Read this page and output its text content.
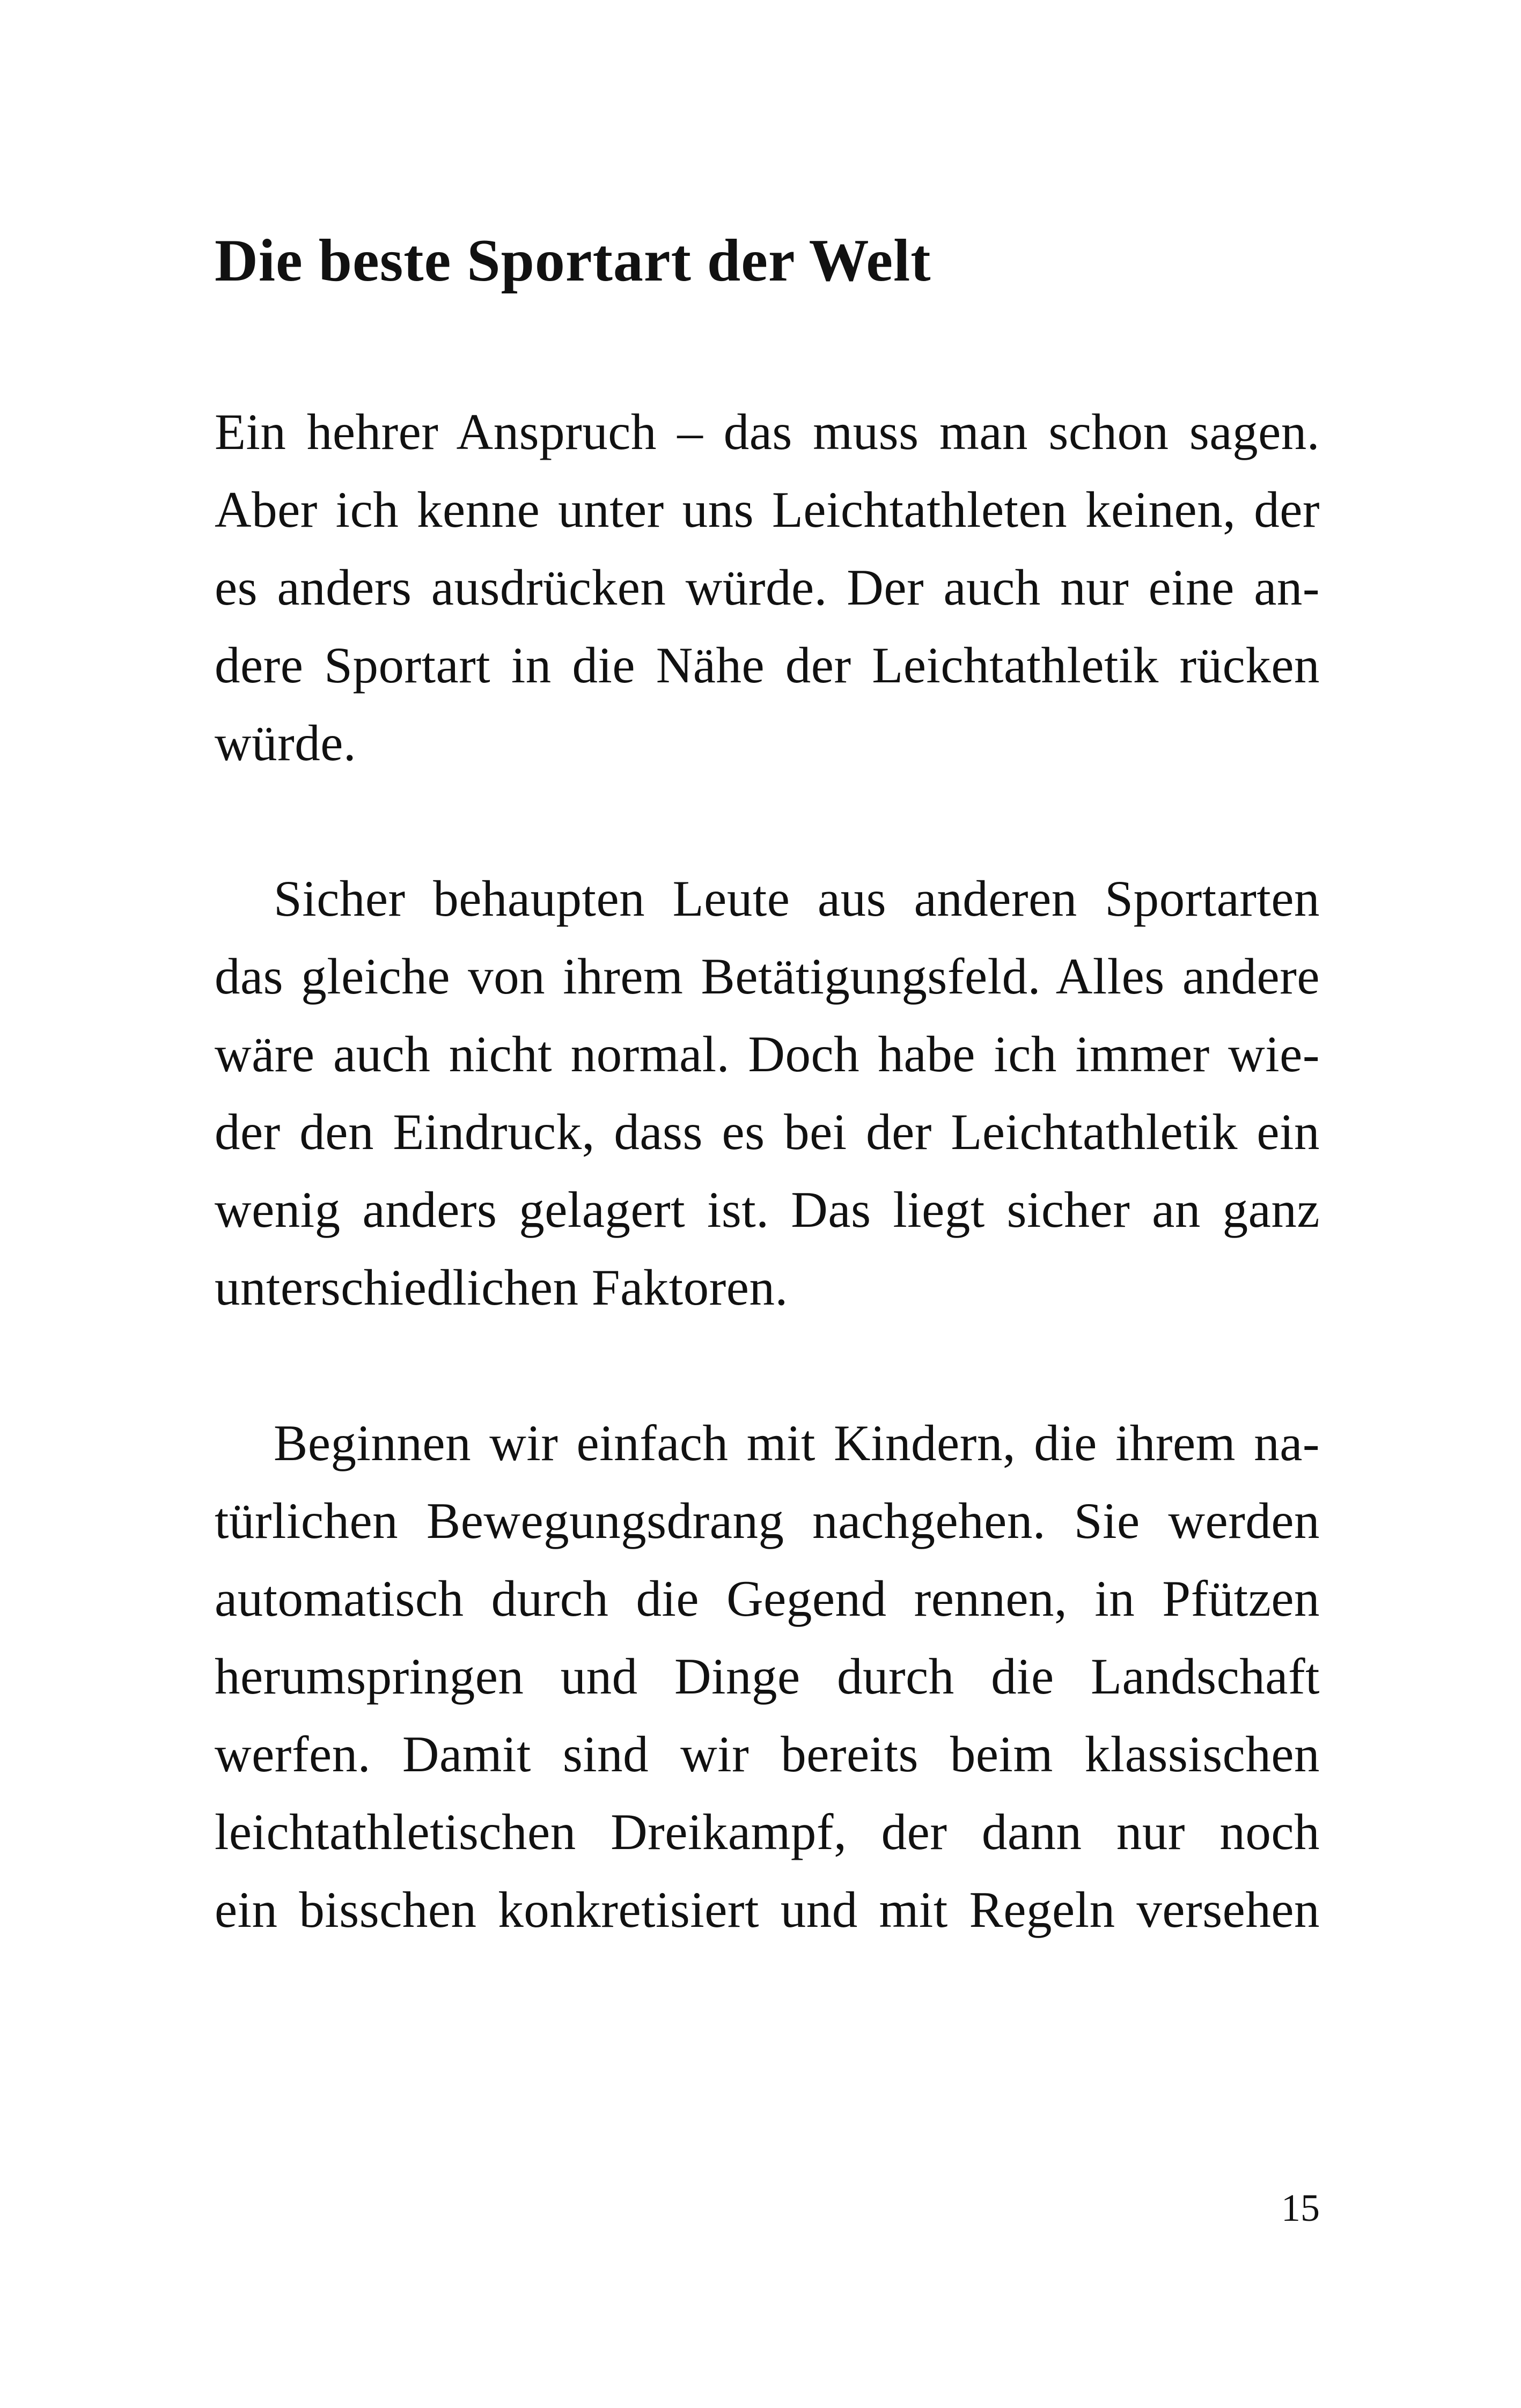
Die beste Sportart der Welt
Ein hehrer Anspruch – das muss man schon sagen.
Aber ich kenne unter uns Leichtathleten keinen, der
es anders ausdrücken würde. Der auch nur eine an-
dere Sportart in die Nähe der Leichtathletik rücken
würde.
Sicher behaupten Leute aus anderen Sportarten
das gleiche von ihrem Betätigungsfeld. Alles andere
wäre auch nicht normal. Doch habe ich immer wie-
der den Eindruck, dass es bei der Leichtathletik ein
wenig anders gelagert ist. Das liegt sicher an ganz
unterschiedlichen Faktoren.
Beginnen wir einfach mit Kindern, die ihrem na-
türlichen Bewegungsdrang nachgehen. Sie werden
automatisch durch die Gegend rennen, in Pfützen
herumspringen und Dinge durch die Landschaft
werfen. Damit sind wir bereits beim klassischen
leichtathletischen Dreikampf, der dann nur noch
ein bisschen konkretisiert und mit Regeln versehen
15
